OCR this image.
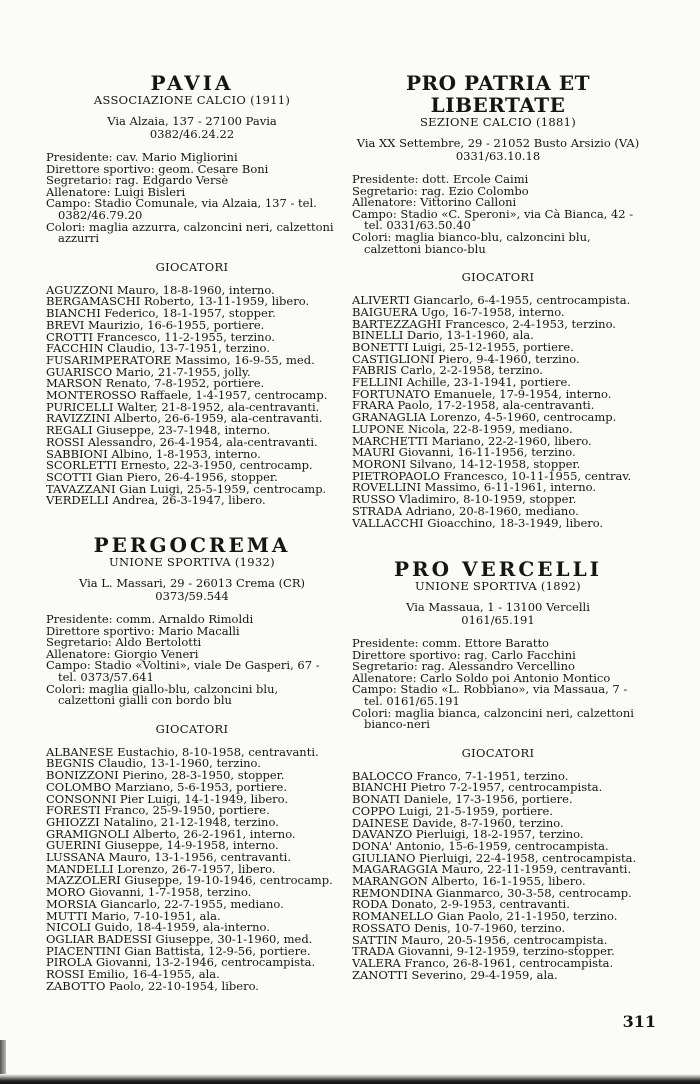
PAVIA
ASSOCIAZIONE CALCIO (1911)
Via Alzaia, 137 - 27100 Pavia
0382/46.24.22
Presidente: cav. Mario Migliorini
Direttore sportivo: geom. Cesare Boni
Segretario: rag. Edgardo Versè
Allenatore: Luigi Bisleri
Campo: Stadio Comunale, via Alzaia, 137 - tel. 0382/46.79.20
Colori: maglia azzurra, calzoncini neri, calzettoni azzurri
GIOCATORI
AGUZZONI Mauro, 18-8-1960, interno.
BERGAMASCHI Roberto, 13-11-1959, libero.
BIANCHI Federico, 18-1-1957, stopper.
BREVI Maurizio, 16-6-1955, portiere.
CROTTI Francesco, 11-2-1955, terzino.
FACCHIN Claudio, 13-7-1951, terzino.
FUSARIMPERATORE Massimo, 16-9-55, med.
GUARISCO Mario, 21-7-1955, jolly.
MARSON Renato, 7-8-1952, portiere.
MONTEROSSO Raffaele, 1-4-1957, centrocamp.
PURICELLI Walter, 21-8-1952, ala-centravanti.
RAVIZZINI Alberto, 26-6-1959, ala-centravanti.
REGALI Giuseppe, 23-7-1948, interno.
ROSSI Alessandro, 26-4-1954, ala-centravanti.
SABBIONI Albino, 1-8-1953, interno.
SCORLETTI Ernesto, 22-3-1950, centrocamp.
SCOTTI Gian Piero, 26-4-1956, stopper.
TAVAZZANI Gian Luigi, 25-5-1959, centrocamp.
VERDELLI Andrea, 26-3-1947, libero.
PERGOCREMA
UNIONE SPORTIVA (1932)
Via L. Massari, 29 - 26013 Crema (CR)
0373/59.544
Presidente: comm. Arnaldo Rimoldi
Direttore sportivo: Mario Macalli
Segretario: Aldo Bertolotti
Allenatore: Giorgio Veneri
Campo: Stadio «Voltini», viale De Gasperi, 67 - tel. 0373/57.641
Colori: maglia giallo-blu, calzoncini blu, calzettoni gialli con bordo blu
GIOCATORI
ALBANESE Eustachio, 8-10-1958, centravanti.
BEGNIS Claudio, 13-1-1960, terzino.
BONIZZONI Pierino, 28-3-1950, stopper.
COLOMBO Marziano, 5-6-1953, portiere.
CONSONNI Pier Luigi, 14-1-1949, libero.
FORESTI Franco, 25-9-1950, portiere.
GHIOZZI Natalino, 21-12-1948, terzino.
GRAMIGNOLI Alberto, 26-2-1961, interno.
GUERINI Giuseppe, 14-9-1958, interno.
LUSSANA Mauro, 13-1-1956, centravanti.
MANDELLI Lorenzo, 26-7-1957, libero.
MAZZOLERI Giuseppe, 19-10-1946, centrocamp.
MORO Giovanni, 1-7-1958, terzino.
MORSIA Giancarlo, 22-7-1955, mediano.
MUTTI Mario, 7-10-1951, ala.
NICOLI Guido, 18-4-1959, ala-interno.
OGLIAR BADESSI Giuseppe, 30-1-1960, med.
PIACENTINI Gian Battista, 12-9-56, portiere.
PIROLA Giovanni, 13-2-1946, centrocampista.
ROSSI Emilio, 16-4-1955, ala.
ZABOTTO Paolo, 22-10-1954, libero.
PRO PATRIA ET LIBERTATE
SEZIONE CALCIO (1881)
Via XX Settembre, 29 - 21052 Busto Arsizio (VA)
0331/63.10.18
Presidente: dott. Ercole Caimi
Segretario: rag. Ezio Colombo
Allenatore: Vittorino Calloni
Campo: Stadio «C. Speroni», via Cà Bianca, 42 - tel. 0331/63.50.40
Colori: maglia bianco-blu, calzoncini blu, calzettoni bianco-blu
GIOCATORI
ALIVERTI Giancarlo, 6-4-1955, centrocampista.
BAIGUERA Ugo, 16-7-1958, interno.
BARTEZZAGHI Francesco, 2-4-1953, terzino.
BINELLI Dario, 13-1-1960, ala.
BONETTI Luigi, 25-12-1955, portiere.
CASTIGLIONI Piero, 9-4-1960, terzino.
FABRIS Carlo, 2-2-1958, terzino.
FELLINI Achille, 23-1-1941, portiere.
FORTUNATO Emanuele, 17-9-1954, interno.
FRARA Paolo, 17-2-1958, ala-centravanti.
GRANAGLIA Lorenzo, 4-5-1960, centrocamp.
LUPONE Nicola, 22-8-1959, mediano.
MARCHETTI Mariano, 22-2-1960, libero.
MAURI Giovanni, 16-11-1956, terzino.
MORONI Silvano, 14-12-1958, stopper.
PIETROPAOLO Francesco, 10-11-1955, centrav.
ROVELLINI Massimo, 6-11-1961, interno.
RUSSO Vladimiro, 8-10-1959, stopper.
STRADA Adriano, 20-8-1960, mediano.
VALLACCHI Gioacchino, 18-3-1949, libero.
PRO VERCELLI
UNIONE SPORTIVA (1892)
Via Massaua, 1 - 13100 Vercelli
0161/65.191
Presidente: comm. Ettore Baratto
Direttore sportivo: rag. Carlo Facchini
Segretario: rag. Alessandro Vercellino
Allenatore: Carlo Soldo poi Antonio Montico
Campo: Stadio «L. Robbiano», via Massaua, 7 - tel. 0161/65.191
Colori: maglia bianca, calzoncini neri, calzettoni bianco-neri
GIOCATORI
BALOCCO Franco, 7-1-1951, terzino.
BIANCHI Pietro 7-2-1957, centrocampista.
BONATI Daniele, 17-3-1956, portiere.
COPPO Luigi, 21-5-1959, portiere.
DAINESE Davide, 8-7-1960, terzino.
DAVANZO Pierluigi, 18-2-1957, terzino.
DONA' Antonio, 15-6-1959, centrocampista.
GIULIANO Pierluigi, 22-4-1958, centrocampista.
MAGARAGGIA Mauro, 22-11-1959, centravanti.
MARANGON Alberto, 16-1-1955, libero.
REMONDINA Gianmarco, 30-3-58, centrocamp.
RODA Donato, 2-9-1953, centravanti.
ROMANELLO Gian Paolo, 21-1-1950, terzino.
ROSSATO Denis, 10-7-1960, terzino.
SATTIN Mauro, 20-5-1956, centrocampista.
TRADA Giovanni, 9-12-1959, terzino-stopper.
VALERA Franco, 26-8-1961, centrocampista.
ZANOTTI Severino, 29-4-1959, ala.
311
